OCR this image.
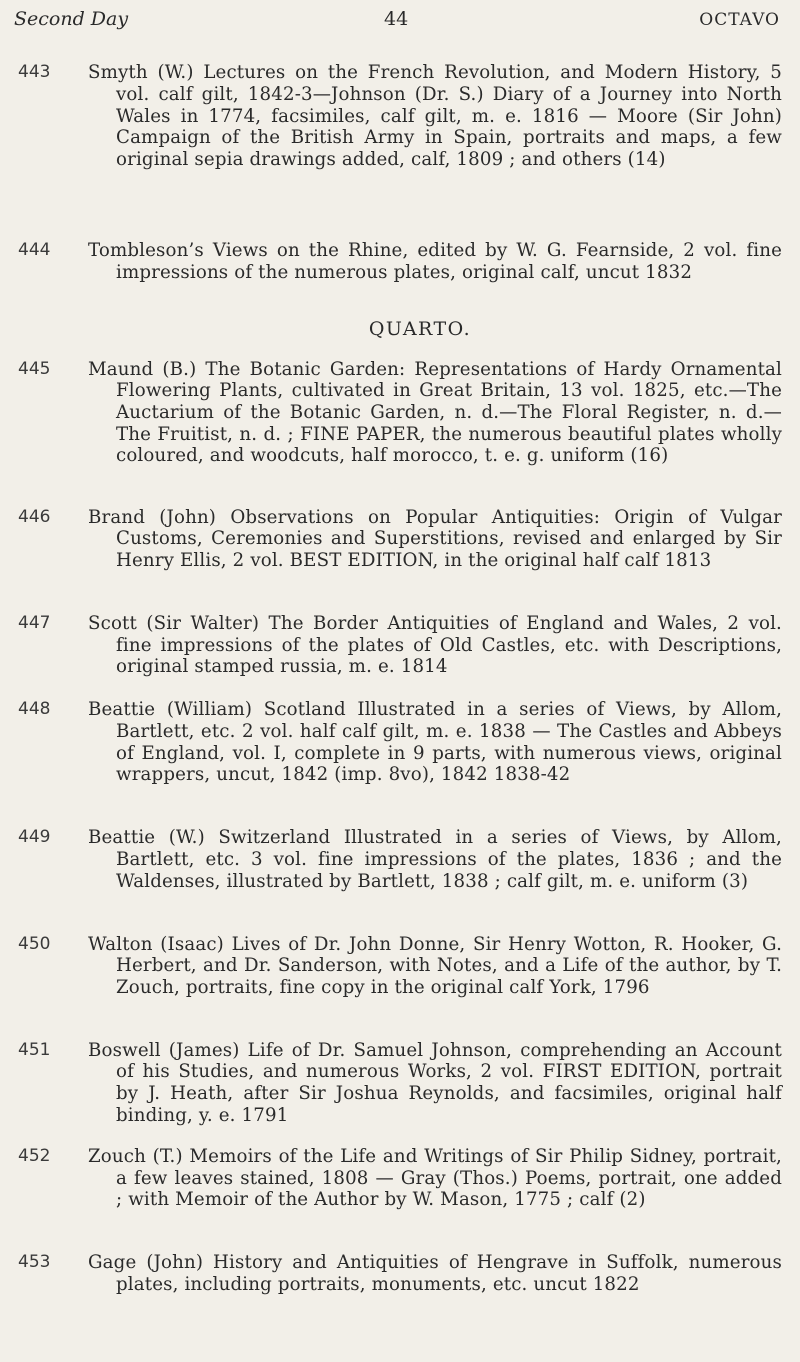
Second Day	44	OCTAVO
443 Smyth (W.) Lectures on the French Revolution, and Modern History, 5 vol. calf gilt, 1842-3—Johnson (Dr. S.) Diary of a Journey into North Wales in 1774, facsimiles, calf gilt, m. e. 1816 — Moore (Sir John) Campaign of the British Army in Spain, portraits and maps, a few original sepia drawings added, calf, 1809 ; and others (14)

444 Tombleson’s Views on the Rhine, edited by W. G. Fearnside, 2 vol. fine impressions of the numerous plates, original calf, uncut 1832

QUARTO.
445 Maund (B.) The Botanic Garden: Representations of Hardy Ornamental Flowering Plants, cultivated in Great Britain, 13 vol. 1825, etc.—The Auctarium of the Botanic Garden, n. d.—The Floral Register, n. d.—The Fruitist, n. d. ; FINE PAPER, the numerous beautiful plates wholly coloured, and woodcuts, half morocco, t. e. g. uniform (16)

446 Brand (John) Observations on Popular Antiquities: Origin of Vulgar Customs, Ceremonies and Superstitions, revised and enlarged by Sir Henry Ellis, 2 vol. BEST EDITION, in the original half calf 1813

447 Scott (Sir Walter) The Border Antiquities of England and Wales, 2 vol. fine impressions of the plates of Old Castles, etc. with Descriptions, original stamped russia, m. e. 1814

448 Beattie (William) Scotland Illustrated in a series of Views, by Allom, Bartlett, etc. 2 vol. half calf gilt, m. e. 1838 — The Castles and Abbeys of England, vol. I, complete in 9 parts, with numerous views, original wrappers, uncut, 1842 (imp. 8vo), 1842 1838-42

449 Beattie (W.) Switzerland Illustrated in a series of Views, by Allom, Bartlett, etc. 3 vol. fine impressions of the plates, 1836 ; and the Waldenses, illustrated by Bartlett, 1838 ; calf gilt, m. e. uniform (3)

450 Walton (Isaac) Lives of Dr. John Donne, Sir Henry Wotton, R. Hooker, G. Herbert, and Dr. Sanderson, with Notes, and a Life of the author, by T. Zouch, portraits, fine copy in the original calf York, 1796

451 Boswell (James) Life of Dr. Samuel Johnson, comprehending an Account of his Studies, and numerous Works, 2 vol. FIRST EDITION, portrait by J. Heath, after Sir Joshua Reynolds, and facsimiles, original half binding, y. e. 1791

452 Zouch (T.) Memoirs of the Life and Writings of Sir Philip Sidney, portrait, a few leaves stained, 1808 — Gray (Thos.) Poems, portrait, one added ; with Memoir of the Author by W. Mason, 1775 ; calf (2)

453 Gage (John) History and Antiquities of Hengrave in Suffolk, numerous plates, including portraits, monuments, etc. uncut 1822
